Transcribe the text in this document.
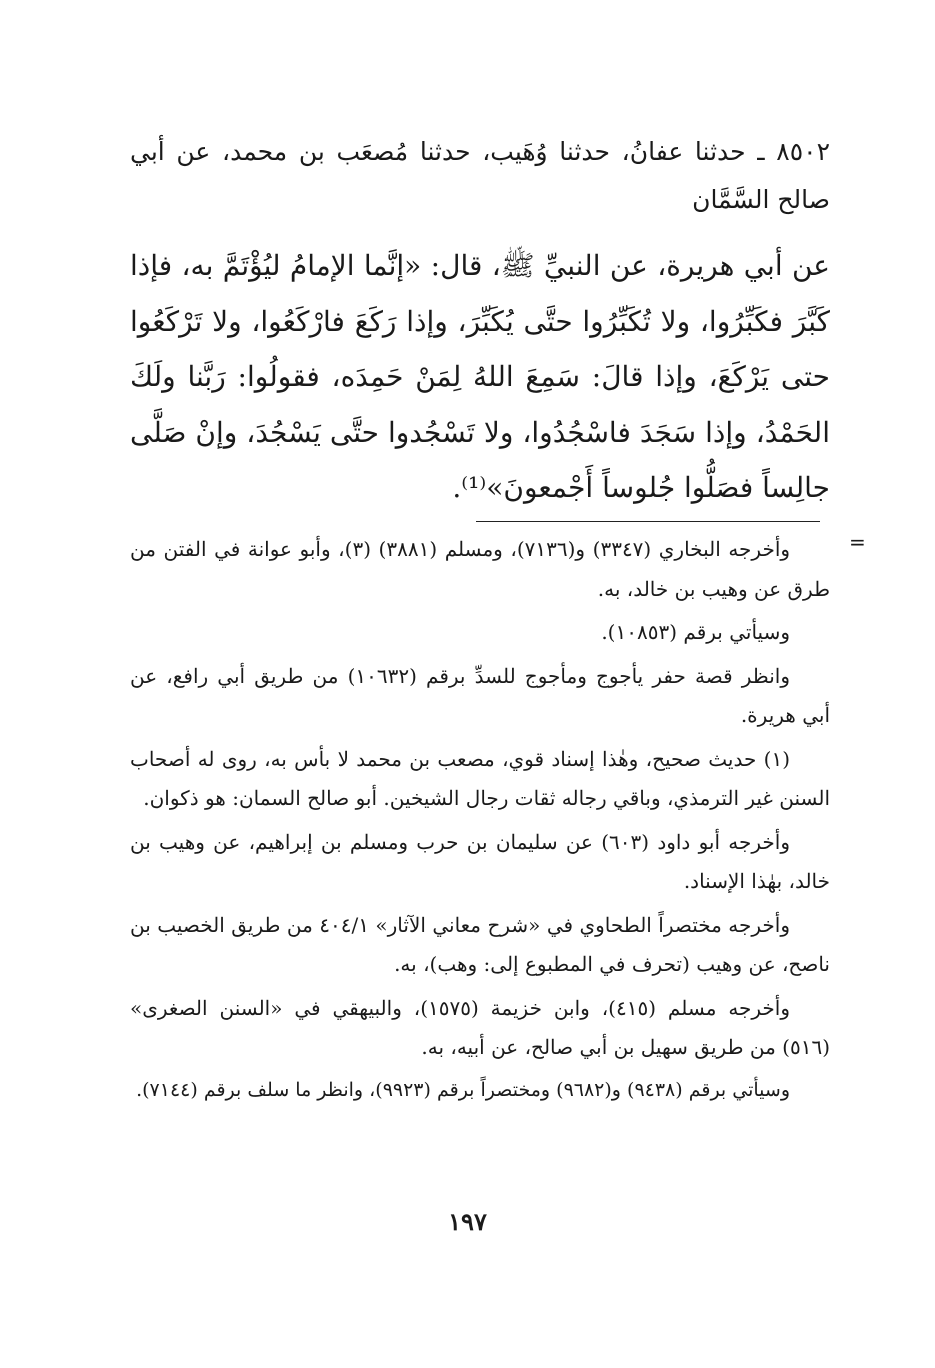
٨٥٠٢ ـ حدثنا عفانُ، حدثنا وُهَيب، حدثنا مُصعَب بن محمد، عن أبي صالح السَّمَّان

عن أبي هريرة، عن النبيِّ ﷺ، قال: «إنَّما الإمامُ ليُؤْتَمَّ به، فإذا كَبَّرَ فكَبِّرُوا، ولا تُكَبِّرُوا حتَّى يُكَبِّرَ، وإذا رَكَعَ فارْكَعُوا، ولا تَرْكَعُوا حتى يَرْكَعَ، وإذا قالَ: سَمِعَ اللهُ لِمَنْ حَمِدَه، فقولُوا: رَبَّنا ولَكَ الحَمْدُ، وإذا سَجَدَ فاسْجُدُوا، ولا تَسْجُدوا حتَّى يَسْجُدَ، وإنْ صَلَّى جالِساً فصَلُّوا جُلوساً أَجْمعونَ»⁽¹⁾.

=

وأخرجه البخاري (٣٣٤٧) و(٧١٣٦)، ومسلم (٣٨٨١) (٣)، وأبو عوانة في الفتن من طرق عن وهيب بن خالد، به.

وسيأتي برقم (١٠٨٥٣).

وانظر قصة حفر يأجوج ومأجوج للسدِّ برقم (١٠٦٣٢) من طريق أبي رافع، عن أبي هريرة.

(١) حديث صحيح، وهٰذا إسناد قوي، مصعب بن محمد لا بأس به، روى له أصحاب السنن غير الترمذي، وباقي رجاله ثقات رجال الشيخين. أبو صالح السمان: هو ذكوان.

وأخرجه أبو داود (٦٠٣) عن سليمان بن حرب ومسلم بن إبراهيم، عن وهيب بن خالد، بهٰذا الإسناد.

وأخرجه مختصراً الطحاوي في «شرح معاني الآثار» ٤٠٤/١ من طريق الخصيب بن ناصح، عن وهيب (تحرف في المطبوع إلى: وهب)، به.

وأخرجه مسلم (٤١٥)، وابن خزيمة (١٥٧٥)، والبيهقي في «السنن الصغرى» (٥١٦) من طريق سهيل بن أبي صالح، عن أبيه، به.

وسيأتي برقم (٩٤٣٨) و(٩٦٨٢) ومختصراً برقم (٩٩٢٣)، وانظر ما سلف برقم (٧١٤٤).

١٩٧
